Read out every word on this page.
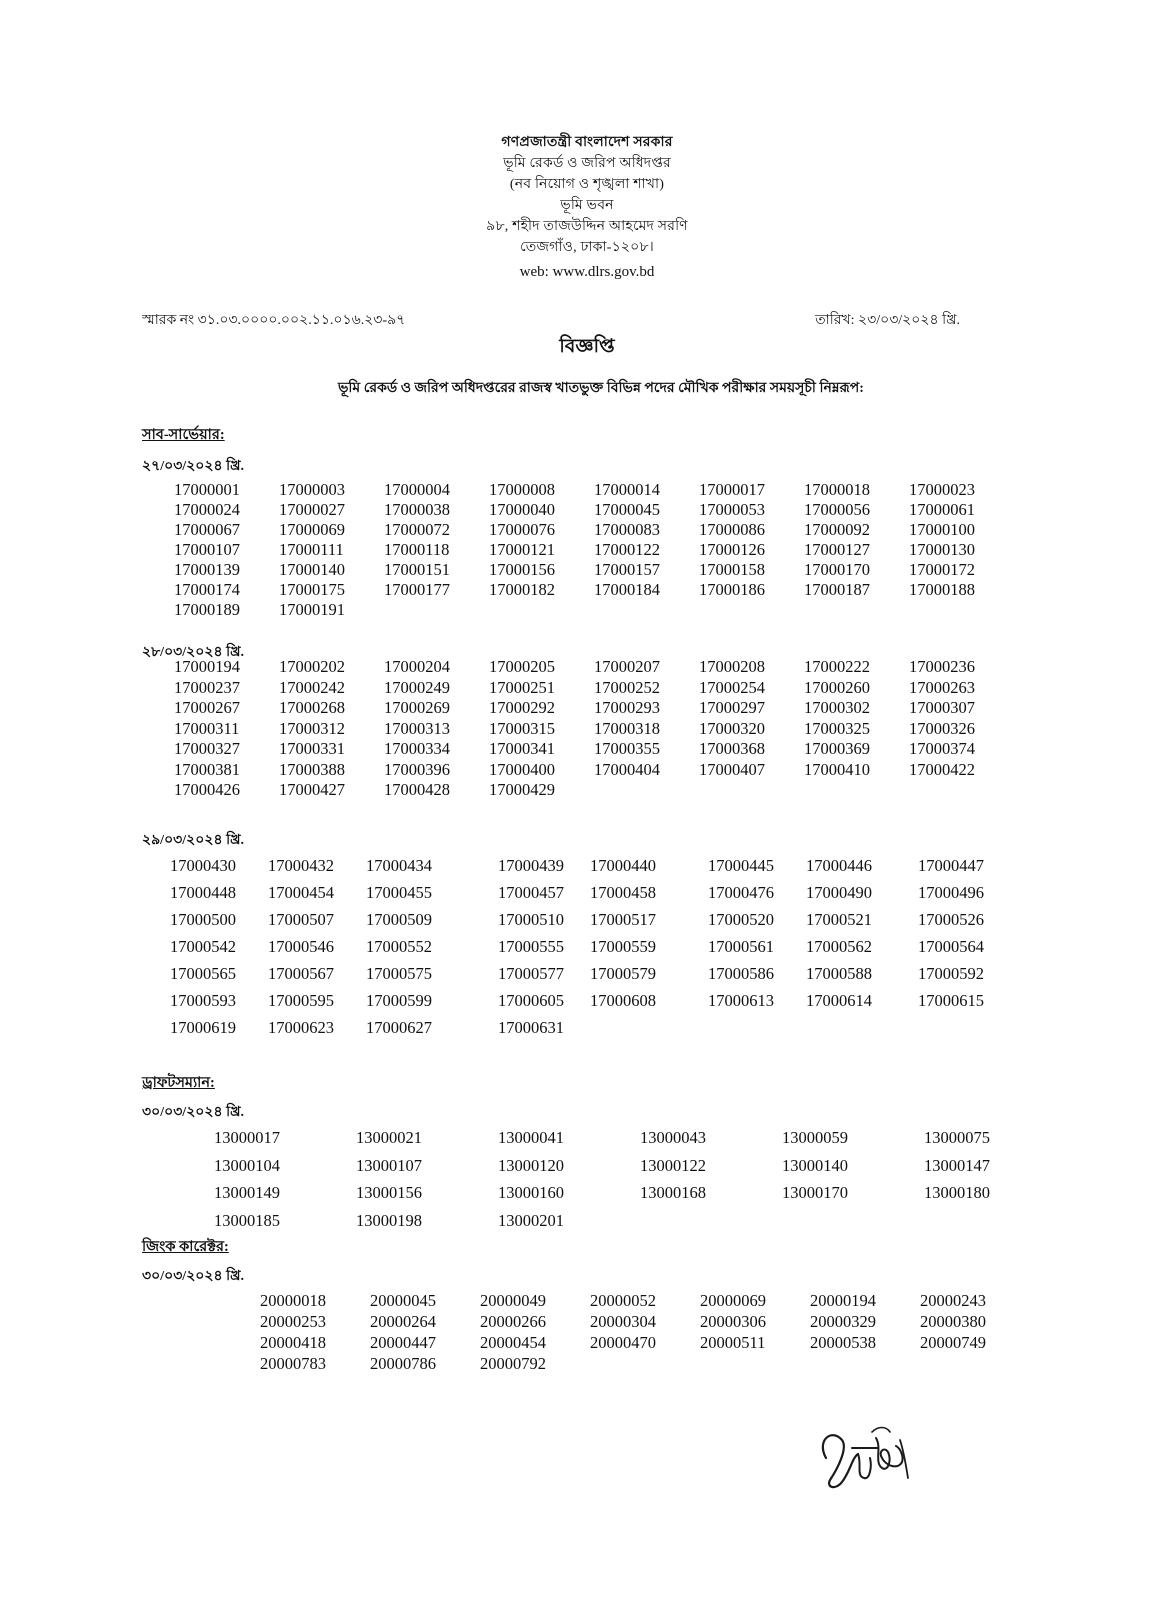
গণপ্রজাতন্ত্রী বাংলাদেশ সরকার
ভূমি রেকর্ড ও জরিপ অধিদপ্তর
(নব নিয়োগ ও শৃঙ্খলা শাখা)
ভূমি ভবন
৯৮, শহীদ তাজউদ্দিন আহমেদ সরণি
তেজগাঁও, ঢাকা-১২০৮।
web: www.dlrs.gov.bd
স্মারক নং ৩১.০৩.০০০০.০০২.১১.০১৬.২৩-৯৭	তারিখ: ২৩/০৩/২০২৪ খ্রি.
বিজ্ঞপ্তি
ভূমি রেকর্ড ও জরিপ অধিদপ্তরের রাজস্ব খাতভুক্ত বিভিন্ন পদের মৌখিক পরীক্ষার সময়সূচী নিম্নরূপ:
সাব-সার্ভেয়ার:
২৭/০৩/২০২৪ খ্রি.
17000001	17000003	17000004	17000008	17000014	17000017	17000018	17000023
17000024	17000027	17000038	17000040	17000045	17000053	17000056	17000061
17000067	17000069	17000072	17000076	17000083	17000086	17000092	17000100
17000107	17000111	17000118	17000121	17000122	17000126	17000127	17000130
17000139	17000140	17000151	17000156	17000157	17000158	17000170	17000172
17000174	17000175	17000177	17000182	17000184	17000186	17000187	17000188
17000189	17000191
২৮/০৩/২০২৪ খ্রি.
17000194	17000202	17000204	17000205	17000207	17000208	17000222	17000236
17000237	17000242	17000249	17000251	17000252	17000254	17000260	17000263
17000267	17000268	17000269	17000292	17000293	17000297	17000302	17000307
17000311	17000312	17000313	17000315	17000318	17000320	17000325	17000326
17000327	17000331	17000334	17000341	17000355	17000368	17000369	17000374
17000381	17000388	17000396	17000400	17000404	17000407	17000410	17000422
17000426	17000427	17000428	17000429
২৯/০৩/২০২৪ খ্রি.
17000430	17000432	17000434	17000439	17000440	17000445	17000446	17000447
17000448	17000454	17000455	17000457	17000458	17000476	17000490	17000496
17000500	17000507	17000509	17000510	17000517	17000520	17000521	17000526
17000542	17000546	17000552	17000555	17000559	17000561	17000562	17000564
17000565	17000567	17000575	17000577	17000579	17000586	17000588	17000592
17000593	17000595	17000599	17000605	17000608	17000613	17000614	17000615
17000619	17000623	17000627	17000631
ড্রাফটসম্যান:
৩০/০৩/২০২৪ খ্রি.
13000017	13000021	13000041	13000043	13000059	13000075
13000104	13000107	13000120	13000122	13000140	13000147
13000149	13000156	13000160	13000168	13000170	13000180
13000185	13000198	13000201
জিংক কারেক্টর:
৩০/০৩/২০২৪ খ্রি.
20000018	20000045	20000049	20000052	20000069	20000194	20000243
20000253	20000264	20000266	20000304	20000306	20000329	20000380
20000418	20000447	20000454	20000470	20000511	20000538	20000749
20000783	20000786	20000792
